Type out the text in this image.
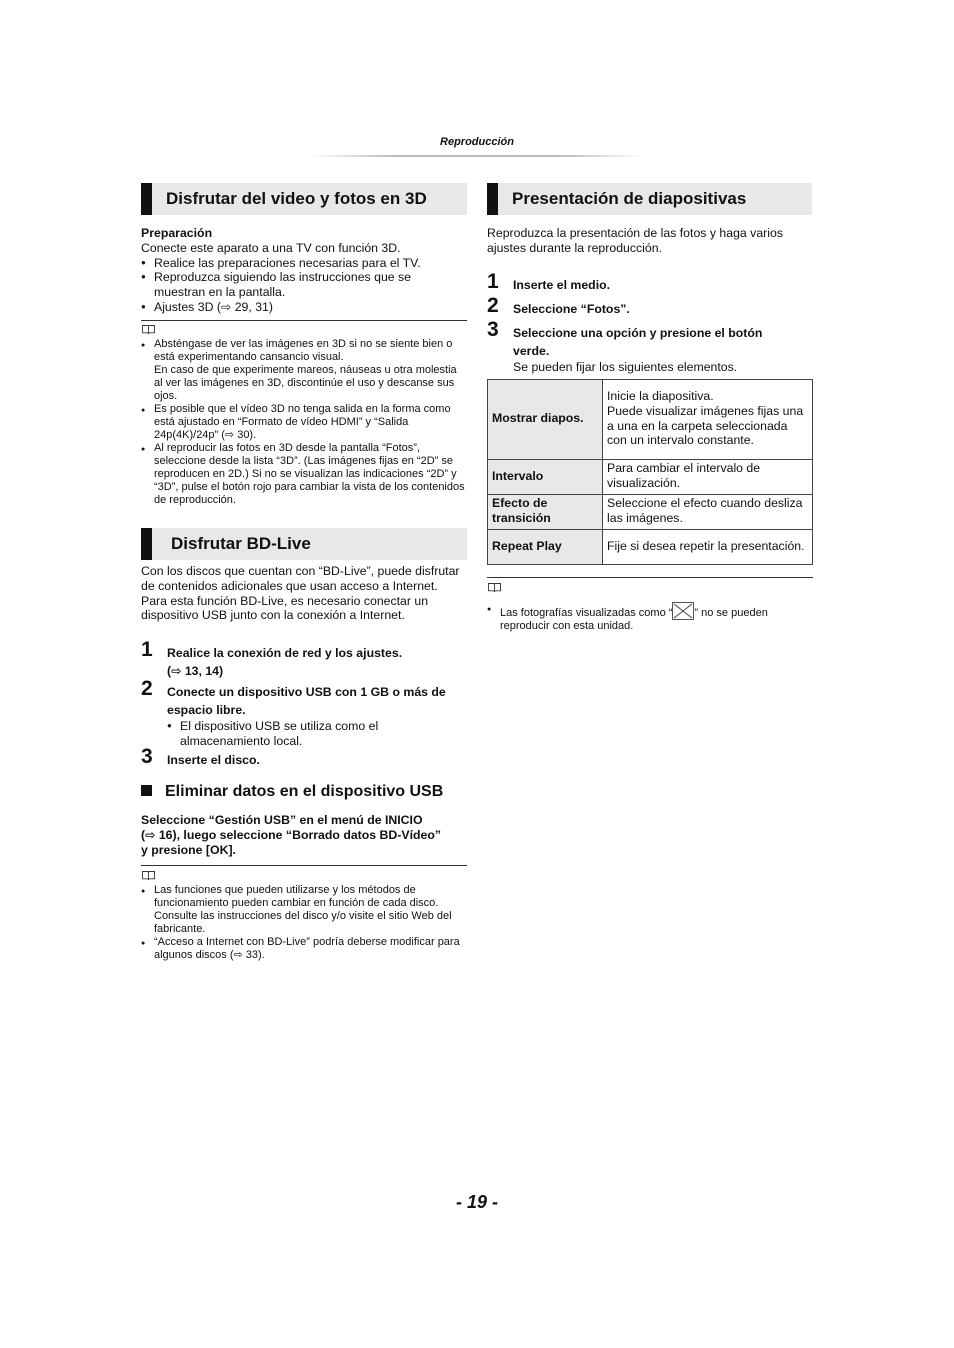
Reproducción
Disfrutar del video y fotos en 3D
Preparación
Conecte este aparato a una TV con función 3D.
● Realice las preparaciones necesarias para el TV.
● Reproduzca siguiendo las instrucciones que se muestran en la pantalla.
● Ajustes 3D (⇨ 29, 31)
● Absténgase de ver las imágenes en 3D si no se siente bien o está experimentando cansancio visual.
En caso de que experimente mareos, náuseas u otra molestia al ver las imágenes en 3D, discontinúe el uso y descanse sus ojos.
● Es posible que el vídeo 3D no tenga salida en la forma como está ajustado en “Formato de vídeo HDMI” y “Salida 24p(4K)/24p” (⇨ 30).
● Al reproducir las fotos en 3D desde la pantalla “Fotos”, seleccione desde la lista “3D”. (Las imágenes fijas en “2D” se reproducen en 2D.) Si no se visualizan las indicaciones “2D” y “3D”, pulse el botón rojo para cambiar la vista de los contenidos de reproducción.
Disfrutar BD-Live
Con los discos que cuentan con “BD-Live”, puede disfrutar de contenidos adicionales que usan acceso a Internet.
Para esta función BD-Live, es necesario conectar un dispositivo USB junto con la conexión a Internet.
1 Realice la conexión de red y los ajustes.
(⇨ 13, 14)
2 Conecte un dispositivo USB con 1 GB o más de
espacio libre.
● El dispositivo USB se utiliza como el almacenamiento local.
3 Inserte el disco.
Eliminar datos en el dispositivo USB
Seleccione “Gestión USB” en el menú de INICIO
(⇨ 16), luego seleccione “Borrado datos BD-Vídeo”
y presione [OK].
● Las funciones que pueden utilizarse y los métodos de funcionamiento pueden cambiar en función de cada disco. Consulte las instrucciones del disco y/o visite el sitio Web del fabricante.
● “Acceso a Internet con BD-Live” podría deberse modificar para algunos discos (⇨ 33).
Presentación de diapositivas
Reproduzca la presentación de las fotos y haga varios ajustes durante la reproducción.
1 Inserte el medio.
2 Seleccione “Fotos”.
3 Seleccione una opción y presione el botón
verde.
Se pueden fijar los siguientes elementos.
Mostrar diapos.	Inicie la diapositiva.
Puede visualizar imágenes fijas una a una en la carpeta seleccionada con un intervalo constante.
Intervalo	Para cambiar el intervalo de visualización.
Efecto de transición	Seleccione el efecto cuando desliza las imágenes.
Repeat Play	Fije si desea repetir la presentación.
● Las fotografías visualizadas como “ ” no se pueden reproducir con esta unidad.
- 19 -
